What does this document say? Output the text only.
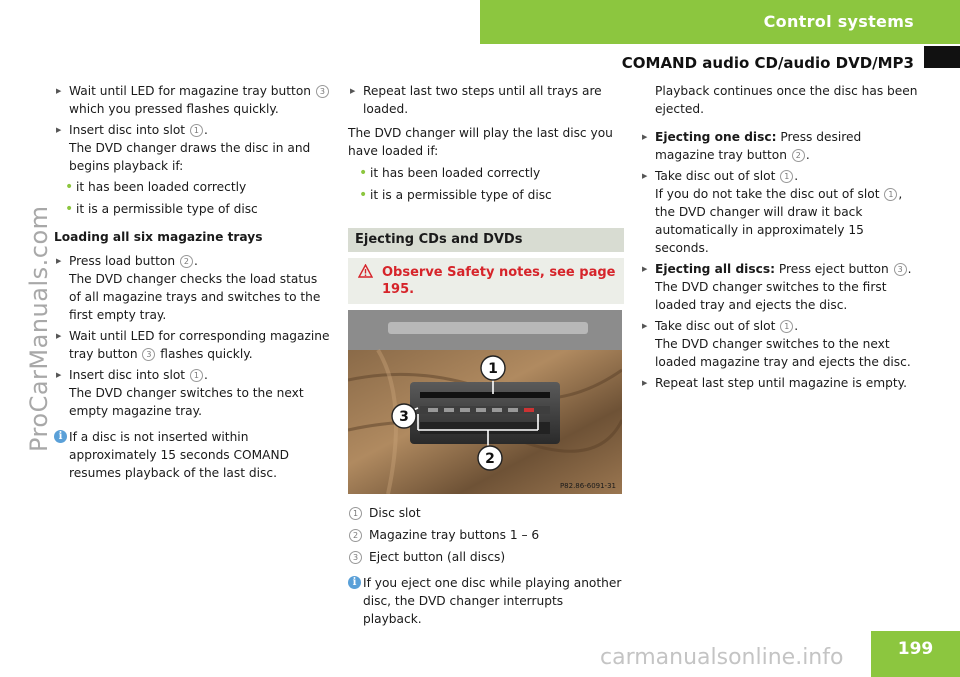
Control systems
COMAND audio CD/audio DVD/MP3
ProCarManuals.com
▶ Wait until LED for magazine tray button 3 which you pressed flashes quickly.
▶ Insert disc into slot 1 .
The DVD changer draws the disc in and begins playback if:
• it has been loaded correctly
• it is a permissible type of disc
Loading all six magazine trays
▶ Press load button 2 .
The DVD changer checks the load status of all magazine trays and switches to the first empty tray.
▶ Wait until LED for corresponding magazine tray button 3 flashes quickly.
▶ Insert disc into slot 1 .
The DVD changer switches to the next empty magazine tray.
i If a disc is not inserted within approximately 15 seconds COMAND resumes playback of the last disc.
▶ Repeat last two steps until all trays are loaded.
The DVD changer will play the last disc you have loaded if:
• it has been loaded correctly
• it is a permissible type of disc
Ejecting CDs and DVDs
Observe Safety notes, see page 195.
1
2
3
P82.86-6091-31
1 Disc slot
2 Magazine tray buttons 1 – 6
3 Eject button (all discs)
i If you eject one disc while playing another disc, the DVD changer interrupts playback.
Playback continues once the disc has been ejected.
▶ Ejecting one disc: Press desired magazine tray button 2 .
▶ Take disc out of slot 1 .
If you do not take the disc out of slot 1 , the DVD changer will draw it back automatically in approximately 15 seconds.
▶ Ejecting all discs: Press eject button 3 .
The DVD changer switches to the first loaded tray and ejects the disc.
▶ Take disc out of slot 1 .
The DVD changer switches to the next loaded magazine tray and ejects the disc.
▶ Repeat last step until magazine is empty.
carmanualsonline.info	199
